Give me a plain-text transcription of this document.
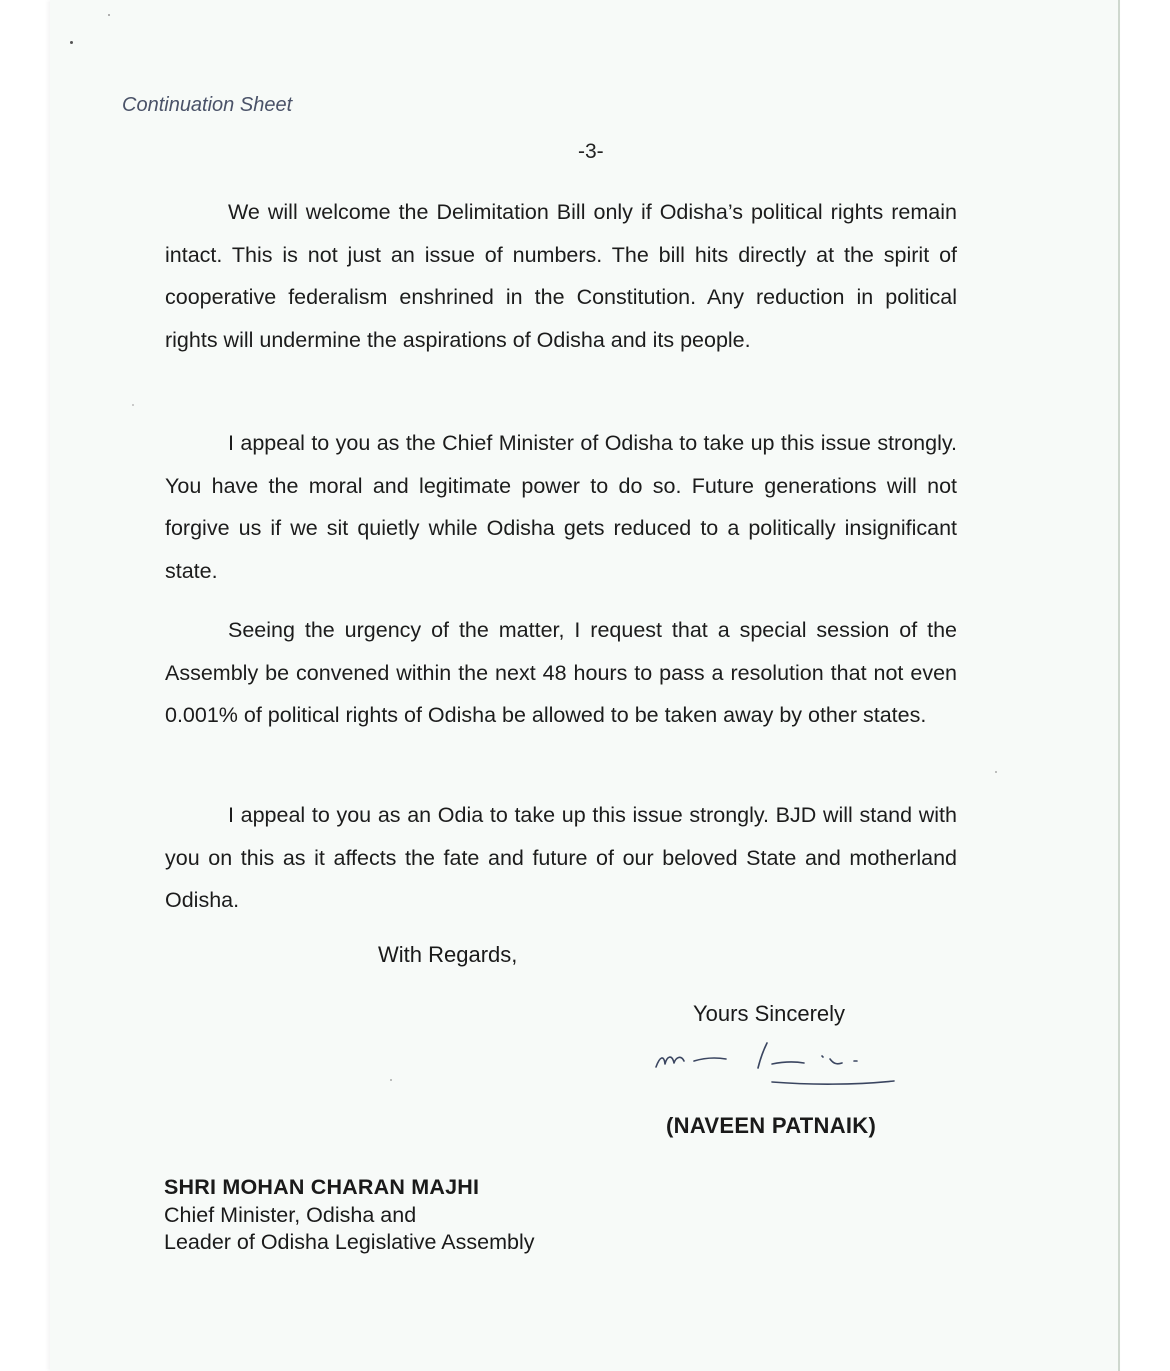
Continuation Sheet
-3-

We will welcome the Delimitation Bill only if Odisha’s political rights remain intact. This is not just an issue of numbers. The bill hits directly at the spirit of cooperative federalism enshrined in the Constitution. Any reduction in political rights will undermine the aspirations of Odisha and its people.

I appeal to you as the Chief Minister of Odisha to take up this issue strongly. You have the moral and legitimate power to do so. Future generations will not forgive us if we sit quietly while Odisha gets reduced to a politically insignificant state.

Seeing the urgency of the matter, I request that a special session of the Assembly be convened within the next 48 hours to pass a resolution that not even 0.001% of political rights of Odisha be allowed to be taken away by other states.

I appeal to you as an Odia to take up this issue strongly. BJD will stand with you on this as it affects the fate and future of our beloved State and motherland Odisha.

With Regards,
Yours Sincerely
(NAVEEN PATNAIK)
SHRI MOHAN CHARAN MAJHI
Chief Minister, Odisha and
Leader of Odisha Legislative Assembly
